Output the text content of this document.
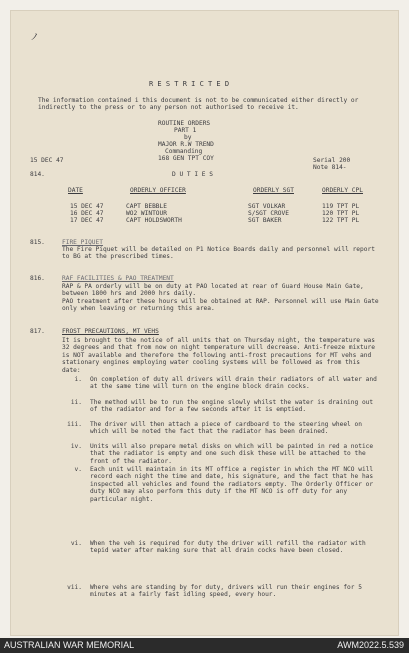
ノ
R E S T R I C T E D
The information contained i this document is not to be communicated either directly or indirectly to the press or to any person not authorised to receive it.
ROUTINE ORDERS
PART 1
by
MAJOR R.W TREND
Commanding
168 GEN TPT COY
15 DEC 47	Serial 200
Note 814-
814.	D U T I E S
DATE	ORDERLY OFFICER	ORDERLY SGT	ORDERLY CPL
15 DEC 47	CAPT BEBBLE	SGT VOLKAR	119 TPT PL
16 DEC 47	WO2 WINTOUR	S/SGT CROVE	120 TPT PL
17 DEC 47	CAPT HOLDSWORTH	SGT BAKER	122 TPT PL
815.	FIRE PIQUET
The Fire Piquet will be detailed on P1 Notice Boards daily and personnel will report to BG at the prescribed times.
816.	RAF FACILITIES & PAO TREATMENT
RAP & PA orderly will be on duty at PAO located at rear of Guard House Main Gate, between 1800 hrs and 2000 hrs daily.
PAO treatment after these hours will be obtained at RAP. Personnel will use Main Gate only when leaving or returning this area.
817.	FROST PRECAUTIONS, MT VEHS
It is brought to the notice of all units that on Thursday night, the temperature was 32 degrees and that from now on night temperature will decrease. Anti-freeze mixture is NOT available and therefore the following anti-frost precautions for MT vehs and stationary engines employing water cooling systems will be followed as from this date:
i. On completion of duty all drivers will drain their radiators of all water and at the same time will turn on the engine block drain cocks.
ii. The method will be to run the engine slowly whilst the water is draining out of the radiator and for a few seconds after it is emptied.
iii. The driver will then attach a piece of cardboard to the steering wheel on which will be noted the fact that the radiator has been drained.
iv. Units will also prepare metal disks on which will be painted in red a notice that the radiator is empty and one such disk these will be attached to the front of the radiator.
v. Each unit will maintain in its MT office a register in which the MT NCO will record each night the time and date, his signature, and the fact that he has inspected all vehicles and found the radiators empty. The Orderly Officer or duty NCO may also perform this duty if the MT NCO is off duty for any particular night.
vi. When the veh is required for duty the driver will refill the radiator with tepid water after making sure that all drain cocks have been closed.
vii. Where vehs are standing by for duty, drivers will run their engines for 5 minutes at a fairly fast idling speed, every hour.
AUSTRALIAN WAR MEMORIAL	AWM2022.5.539
